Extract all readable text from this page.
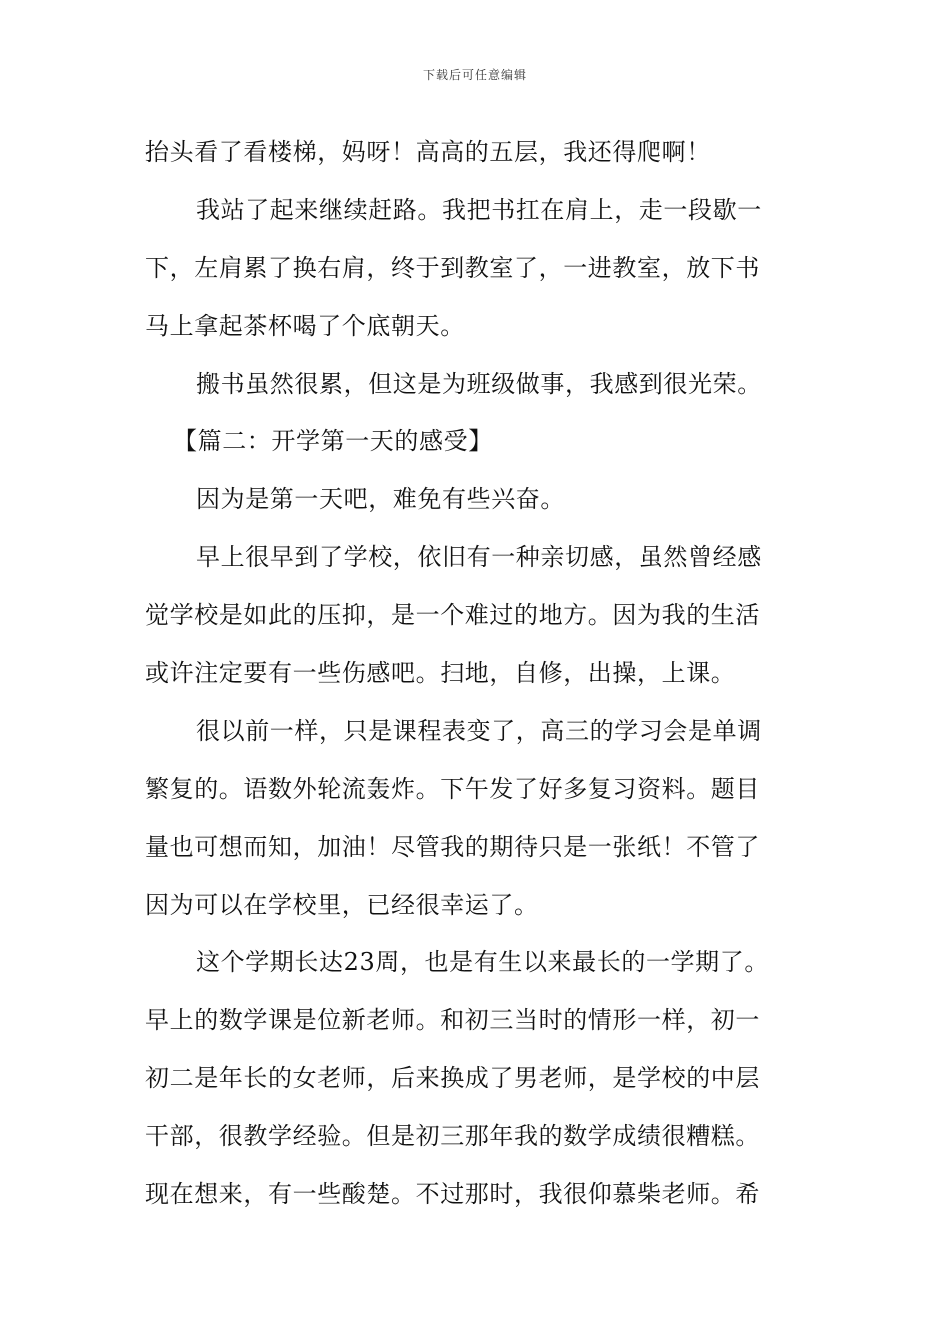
下载后可任意编辑
抬头看了看楼梯，妈呀！高高的五层，我还得爬啊！
我站了起来继续赶路。我把书扛在肩上，走一段歇一
下，左肩累了换右肩，终于到教室了，一进教室，放下书
马上拿起茶杯喝了个底朝天。
搬书虽然很累，但这是为班级做事，我感到很光荣。
【篇二：开学第一天的感受】
因为是第一天吧，难免有些兴奋。
早上很早到了学校，依旧有一种亲切感，虽然曾经感
觉学校是如此的压抑，是一个难过的地方。因为我的生活
或许注定要有一些伤感吧。扫地，自修，出操，上课。
很以前一样，只是课程表变了，高三的学习会是单调
繁复的。语数外轮流轰炸。下午发了好多复习资料。题目
量也可想而知，加油！尽管我的期待只是一张纸！不管了
因为可以在学校里，已经很幸运了。
这个学期长达23周，也是有生以来最长的一学期了。
早上的数学课是位新老师。和初三当时的情形一样，初一
初二是年长的女老师，后来换成了男老师，是学校的中层
干部，很教学经验。但是初三那年我的数学成绩很糟糕。
现在想来，有一些酸楚。不过那时，我很仰慕柴老师。希
